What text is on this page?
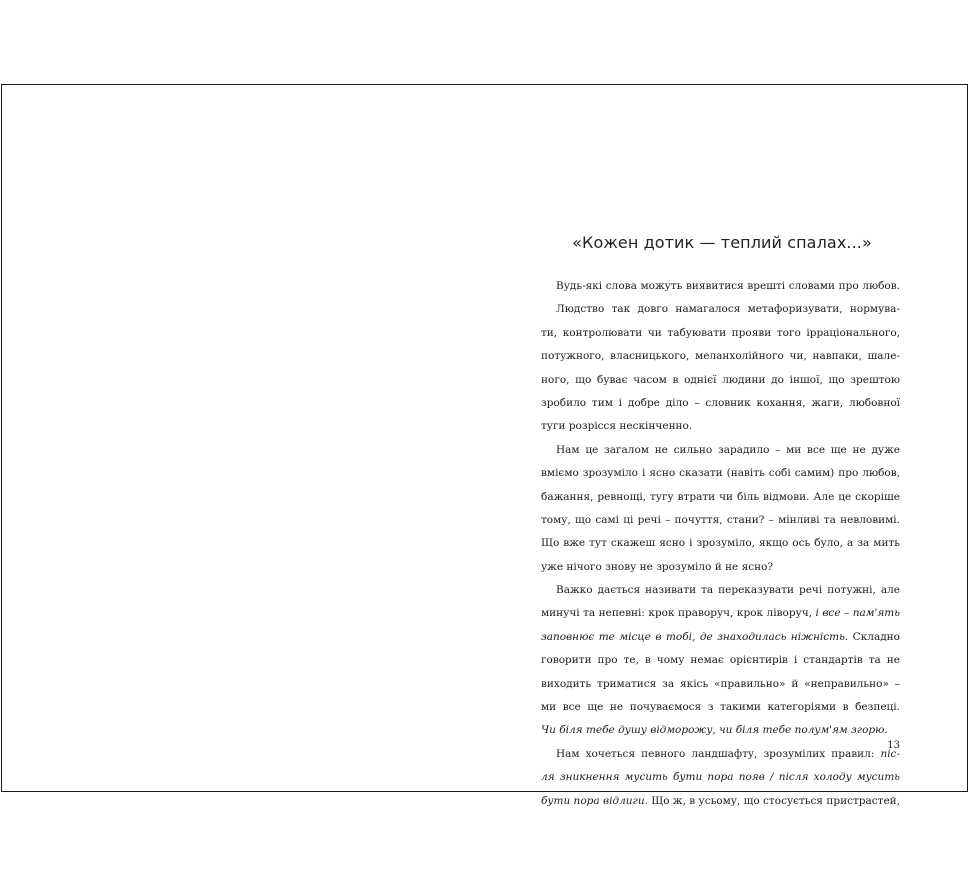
«Кожен дотик — теплий спалах...»
Вудь-які слова можуть виявитися врешті словами про любов.
Людство так довго намагалося метафоризувати, нормува-
ти, контролювати чи табуювати прояви того ірраціонального,
потужного, власницького, меланхолійного чи, навпаки, шале-
ного, що буває часом в однієї людини до іншої, що зрештою
зробило тим і добре діло – словник кохання, жаги, любовної
туги розрісся нескінченно.
Нам це загалом не сильно зарадило – ми все ще не дуже
вміємо зрозуміло і ясно сказати (навіть собі самим) про любов,
бажання, ревнощі, тугу втрати чи біль відмови. Але це скоріше
тому, що самі ці речі – почуття, стани? – мінливі та невловимі.
Що вже тут скажеш ясно і зрозуміло, якщо ось було, а за мить
уже нічого знову не зрозуміло й не ясно?
Важко дається називати та переказувати речі потужні, але
минучі та непевні: крок праворуч, крок ліворуч, і все – пам'ять
заповнює те місце в тобі, де знаходилась ніжність. Складно
говорити про те, в чому немає орієнтирів і стандартів та не
виходить триматися за якісь «правильно» й «неправильно» –
ми все ще не почуваємося з такими категоріями в безпеці.
Чи біля тебе душу відморожу, чи біля тебе полум'ям згорю.
Нам хочеться певного ландшафту, зрозумілих правил: піс-
ля зникнення мусить бути пора появ / після холоду мусить
бути пора відлиги. Що ж, в усьому, що стосується пристрастей,
13
